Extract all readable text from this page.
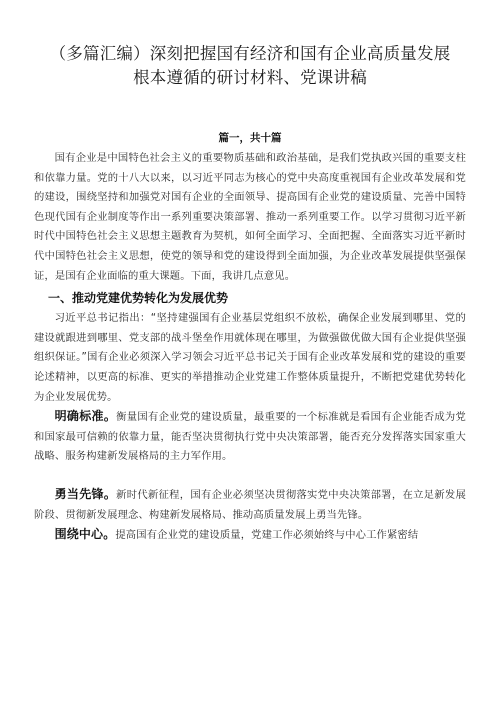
（多篇汇编）深刻把握国有经济和国有企业高质量发展
根本遵循的研讨材料、党课讲稿
篇一，共十篇

国有企业是中国特色社会主义的重要物质基础和政治基础，是我们党执政兴国的重要支柱和依靠力量。党的十八大以来，以习近平同志为核心的党中央高度重视国有企业改革发展和党的建设，围绕坚持和加强党对国有企业的全面领导、提高国有企业党的建设质量、完善中国特色现代国有企业制度等作出一系列重要决策部署、推动一系列重要工作。以学习贯彻习近平新时代中国特色社会主义思想主题教育为契机，如何全面学习、全面把握、全面落实习近平新时代中国特色社会主义思想，使党的领导和党的建设得到全面加强，为企业改革发展提供坚强保证，是国有企业面临的重大课题。下面，我讲几点意见。

一、推动党建优势转化为发展优势

习近平总书记指出：“坚持建强国有企业基层党组织不放松，确保企业发展到哪里、党的建设就跟进到哪里、党支部的战斗堡垒作用就体现在哪里，为做强做优做大国有企业提供坚强组织保证。”国有企业必须深入学习领会习近平总书记关于国有企业改革发展和党的建设的重要论述精神，以更高的标准、更实的举措推动企业党建工作整体质量提升，不断把党建优势转化为企业发展优势。

明确标准。衡量国有企业党的建设质量，最重要的一个标准就是看国有企业能否成为党和国家最可信赖的依靠力量，能否坚决贯彻执行党中央决策部署，能否充分发挥落实国家重大战略、服务构建新发展格局的主力军作用。

勇当先锋。新时代新征程，国有企业必须坚决贯彻落实党中央决策部署，在立足新发展阶段、贯彻新发展理念、构建新发展格局、推动高质量发展上勇当先锋。

围绕中心。提高国有企业党的建设质量，党建工作必须始终与中心工作紧密结
